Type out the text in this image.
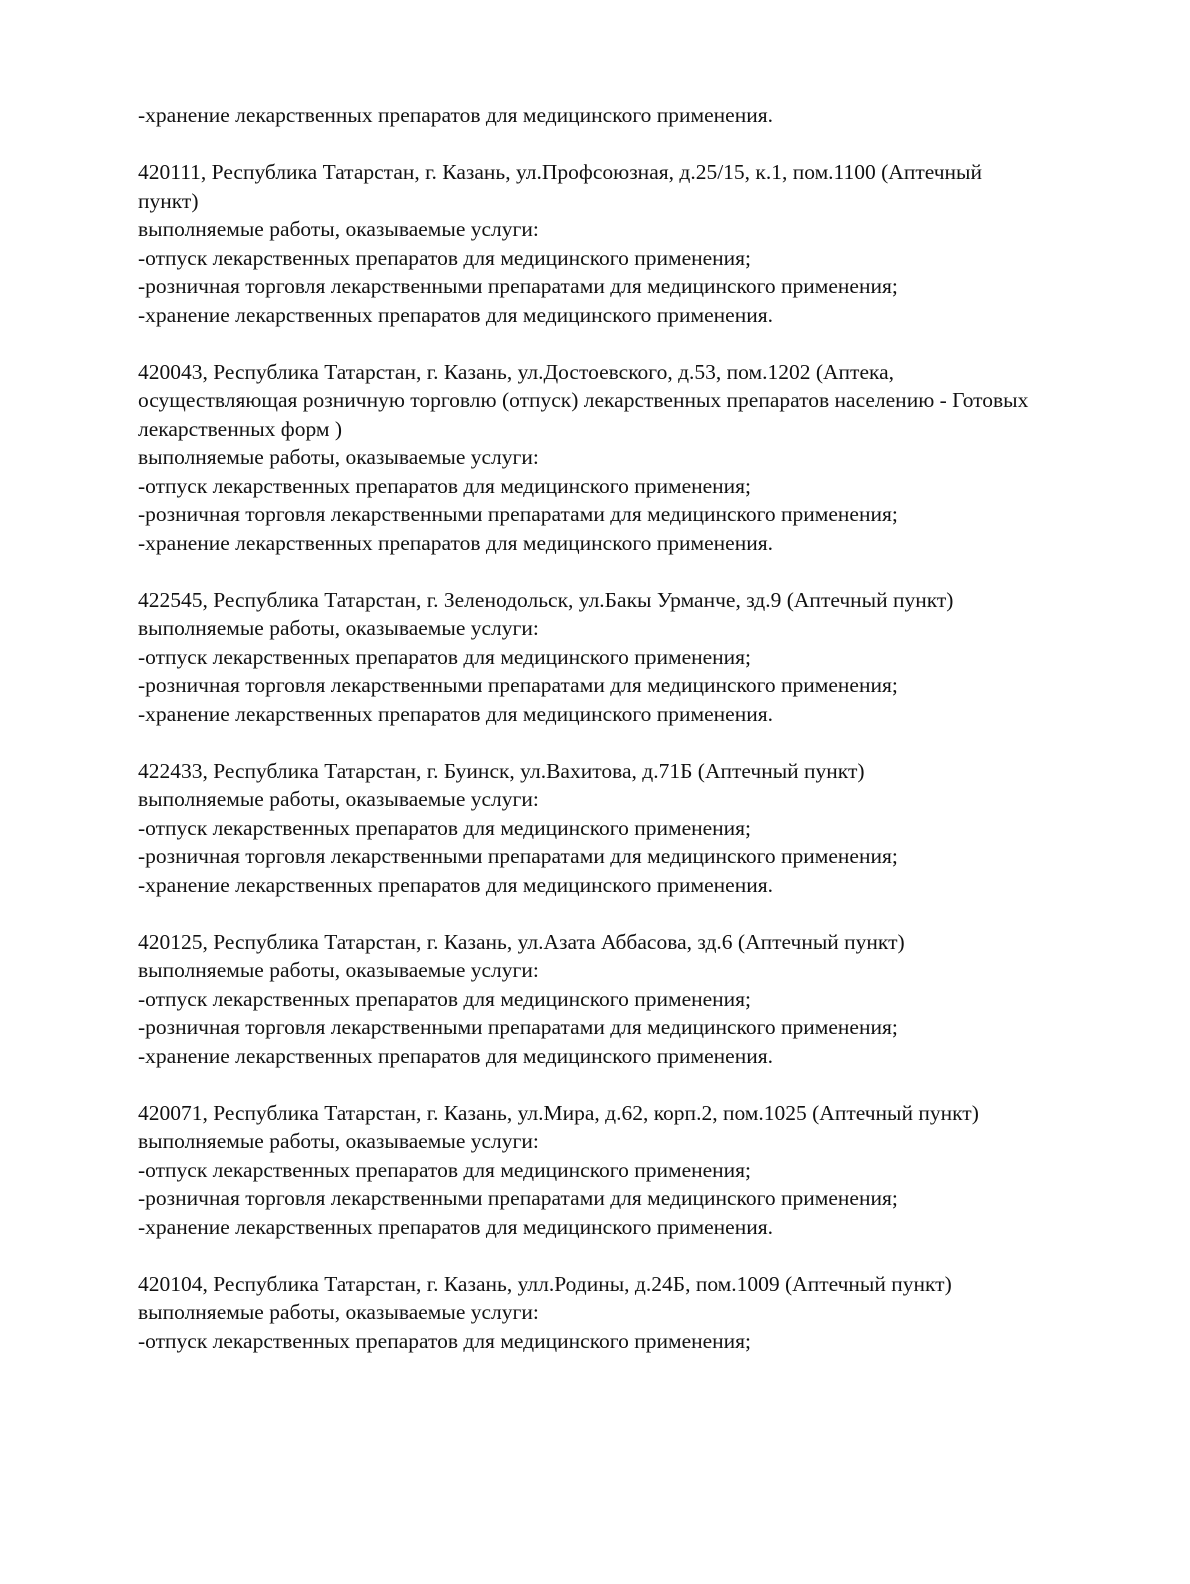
-хранение лекарственных препаратов для медицинского применения.
420111, Республика Татарстан, г. Казань, ул.Профсоюзная, д.25/15, к.1, пом.1100 (Аптечный
пункт)
выполняемые работы, оказываемые услуги:
-отпуск лекарственных препаратов для медицинского применения;
-розничная торговля лекарственными препаратами для медицинского применения;
-хранение лекарственных препаратов для медицинского применения.
420043, Республика Татарстан, г. Казань, ул.Достоевского, д.53, пом.1202 (Аптека,
осуществляющая розничную торговлю (отпуск) лекарственных препаратов населению - Готовых
лекарственных форм )
выполняемые работы, оказываемые услуги:
-отпуск лекарственных препаратов для медицинского применения;
-розничная торговля лекарственными препаратами для медицинского применения;
-хранение лекарственных препаратов для медицинского применения.
422545, Республика Татарстан, г. Зеленодольск, ул.Бакы Урманче, зд.9 (Аптечный пункт)
выполняемые работы, оказываемые услуги:
-отпуск лекарственных препаратов для медицинского применения;
-розничная торговля лекарственными препаратами для медицинского применения;
-хранение лекарственных препаратов для медицинского применения.
422433, Республика Татарстан, г. Буинск, ул.Вахитова, д.71Б (Аптечный пункт)
выполняемые работы, оказываемые услуги:
-отпуск лекарственных препаратов для медицинского применения;
-розничная торговля лекарственными препаратами для медицинского применения;
-хранение лекарственных препаратов для медицинского применения.
420125, Республика Татарстан, г. Казань, ул.Азата Аббасова, зд.6 (Аптечный пункт)
выполняемые работы, оказываемые услуги:
-отпуск лекарственных препаратов для медицинского применения;
-розничная торговля лекарственными препаратами для медицинского применения;
-хранение лекарственных препаратов для медицинского применения.
420071, Республика Татарстан, г. Казань, ул.Мира, д.62, корп.2, пом.1025 (Аптечный пункт)
выполняемые работы, оказываемые услуги:
-отпуск лекарственных препаратов для медицинского применения;
-розничная торговля лекарственными препаратами для медицинского применения;
-хранение лекарственных препаратов для медицинского применения.
420104, Республика Татарстан, г. Казань, улл.Родины, д.24Б, пом.1009 (Аптечный пункт)
выполняемые работы, оказываемые услуги:
-отпуск лекарственных препаратов для медицинского применения;
